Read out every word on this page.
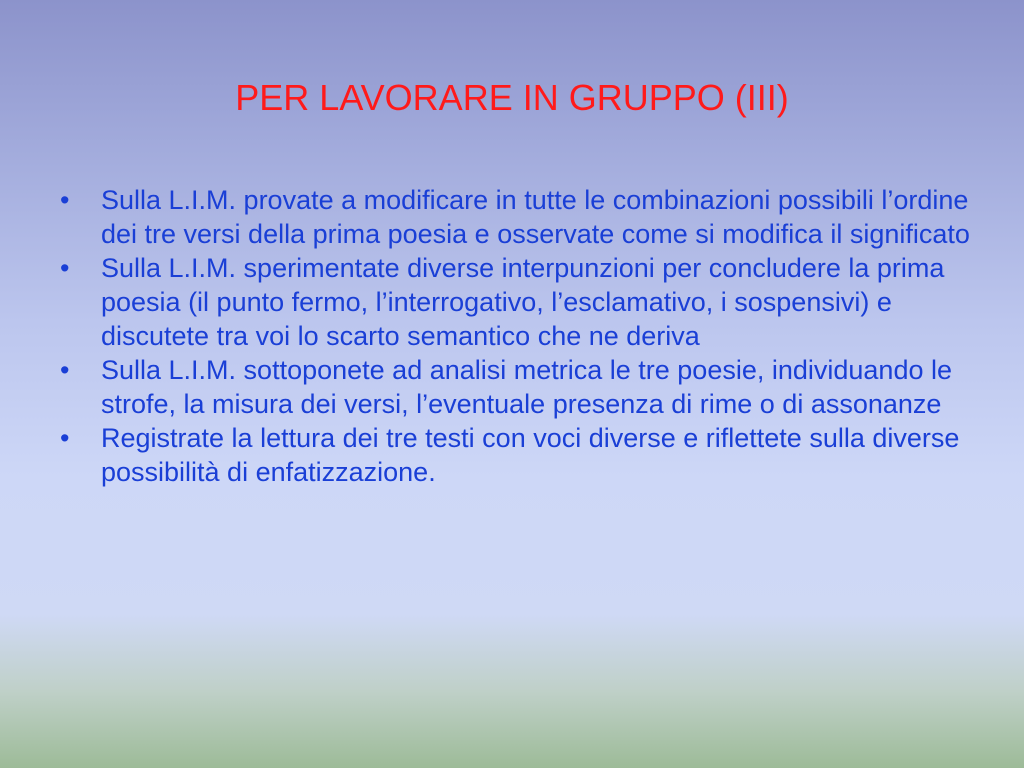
PER LAVORARE IN GRUPPO (III)
•	Sulla L.I.M. provate a modificare in tutte le combinazioni possibili l’ordine dei tre versi della prima poesia e osservate come si modifica il significato
•	Sulla L.I.M. sperimentate diverse interpunzioni per concludere la prima poesia (il punto fermo, l’interrogativo, l’esclamativo, i sospensivi) e discutete tra voi lo scarto semantico che ne deriva
•	Sulla L.I.M. sottoponete ad analisi metrica le tre poesie, individuando le strofe, la misura dei versi, l’eventuale presenza di rime o di assonanze
•	Registrate la lettura dei tre testi con voci diverse e riflettete sulla diverse possibilità di enfatizzazione.
